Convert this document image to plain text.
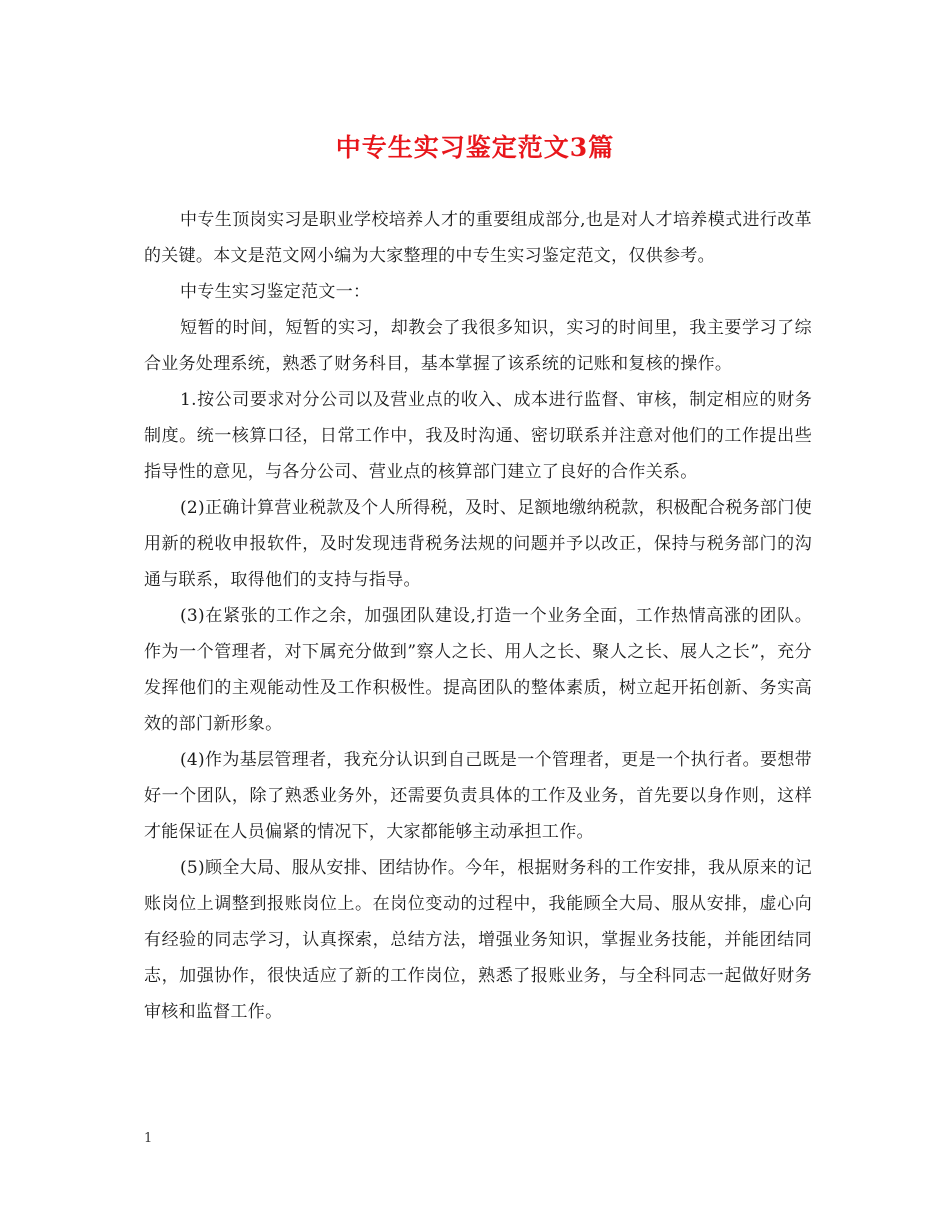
中专生实习鉴定范文3篇

中专生顶岗实习是职业学校培养人才的重要组成部分,也是对人才培养模式进行改革的关键。本文是范文网小编为大家整理的中专生实习鉴定范文，仅供参考。

中专生实习鉴定范文一：

短暂的时间，短暂的实习，却教会了我很多知识，实习的时间里，我主要学习了综合业务处理系统，熟悉了财务科目，基本掌握了该系统的记账和复核的操作。

1.按公司要求对分公司以及营业点的收入、成本进行监督、审核，制定相应的财务制度。统一核算口径，日常工作中，我及时沟通、密切联系并注意对他们的工作提出些指导性的意见，与各分公司、营业点的核算部门建立了良好的合作关系。

(2)正确计算营业税款及个人所得税，及时、足额地缴纳税款，积极配合税务部门使用新的税收申报软件，及时发现违背税务法规的问题并予以改正，保持与税务部门的沟通与联系，取得他们的支持与指导。

(3)在紧张的工作之余，加强团队建设,打造一个业务全面，工作热情高涨的团队。作为一个管理者，对下属充分做到”察人之长、用人之长、聚人之长、展人之长”，充分发挥他们的主观能动性及工作积极性。提高团队的整体素质，树立起开拓创新、务实高效的部门新形象。

(4)作为基层管理者，我充分认识到自己既是一个管理者，更是一个执行者。要想带好一个团队，除了熟悉业务外，还需要负责具体的工作及业务，首先要以身作则，这样才能保证在人员偏紧的情况下，大家都能够主动承担工作。

(5)顾全大局、服从安排、团结协作。今年，根据财务科的工作安排，我从原来的记账岗位上调整到报账岗位上。在岗位变动的过程中，我能顾全大局、服从安排，虚心向有经验的同志学习，认真探索，总结方法，增强业务知识，掌握业务技能，并能团结同志，加强协作，很快适应了新的工作岗位，熟悉了报账业务，与全科同志一起做好财务审核和监督工作。

1
